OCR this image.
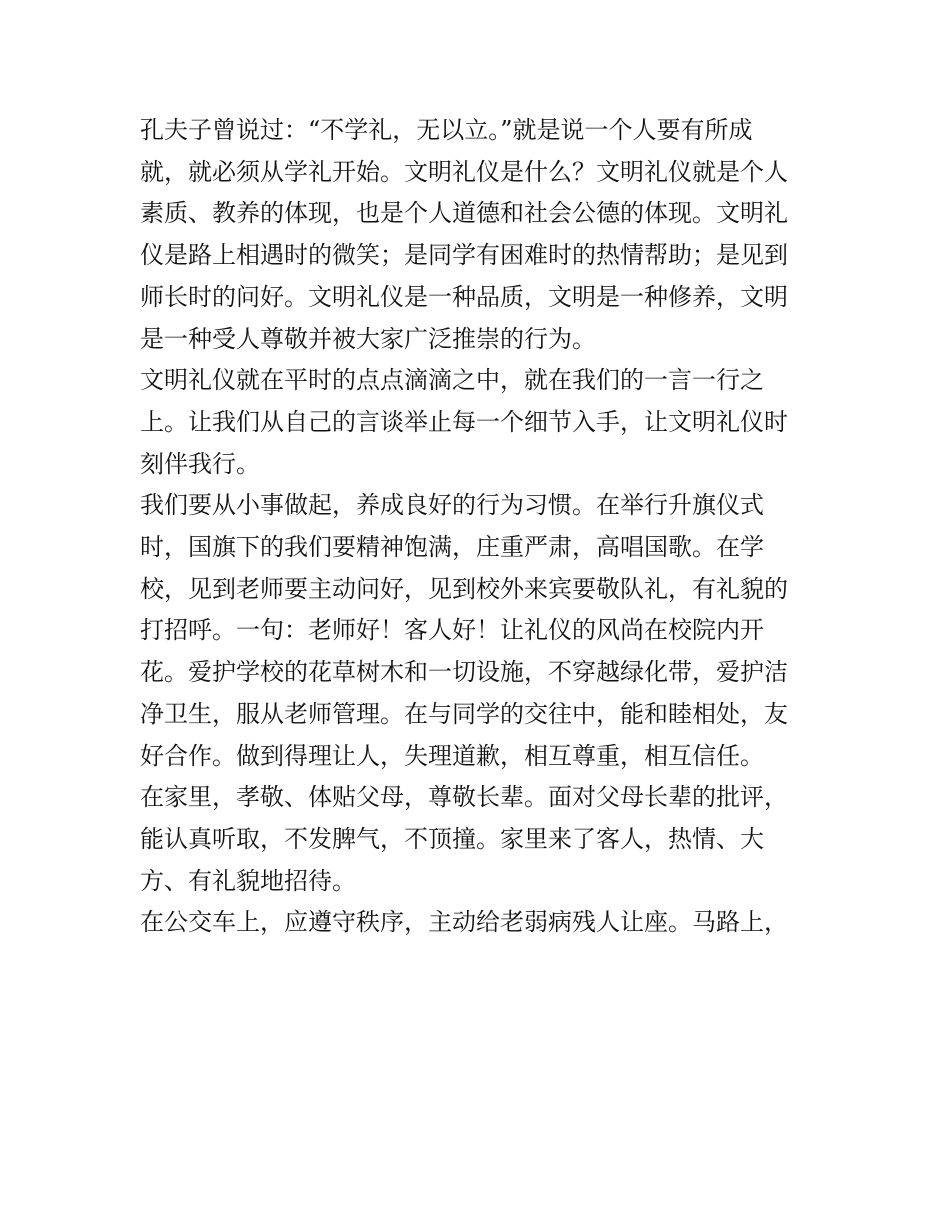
孔夫子曾说过：“不学礼，无以立。”就是说一个人要有所成
就，就必须从学礼开始。文明礼仪是什么？文明礼仪就是个人
素质、教养的体现，也是个人道德和社会公德的体现。文明礼
仪是路上相遇时的微笑；是同学有困难时的热情帮助；是见到
师长时的问好。文明礼仪是一种品质，文明是一种修养，文明
是一种受人尊敬并被大家广泛推崇的行为。
文明礼仪就在平时的点点滴滴之中，就在我们的一言一行之
上。让我们从自己的言谈举止每一个细节入手，让文明礼仪时
刻伴我行。
我们要从小事做起，养成良好的行为习惯。在举行升旗仪式
时，国旗下的我们要精神饱满，庄重严肃，高唱国歌。在学
校，见到老师要主动问好，见到校外来宾要敬队礼，有礼貌的
打招呼。一句：老师好！客人好！让礼仪的风尚在校院内开
花。爱护学校的花草树木和一切设施，不穿越绿化带，爱护洁
净卫生，服从老师管理。在与同学的交往中，能和睦相处，友
好合作。做到得理让人，失理道歉，相互尊重，相互信任。
在家里，孝敬、体贴父母，尊敬长辈。面对父母长辈的批评，
能认真听取，不发脾气，不顶撞。家里来了客人，热情、大
方、有礼貌地招待。
在公交车上，应遵守秩序，主动给老弱病残人让座。马路上，
